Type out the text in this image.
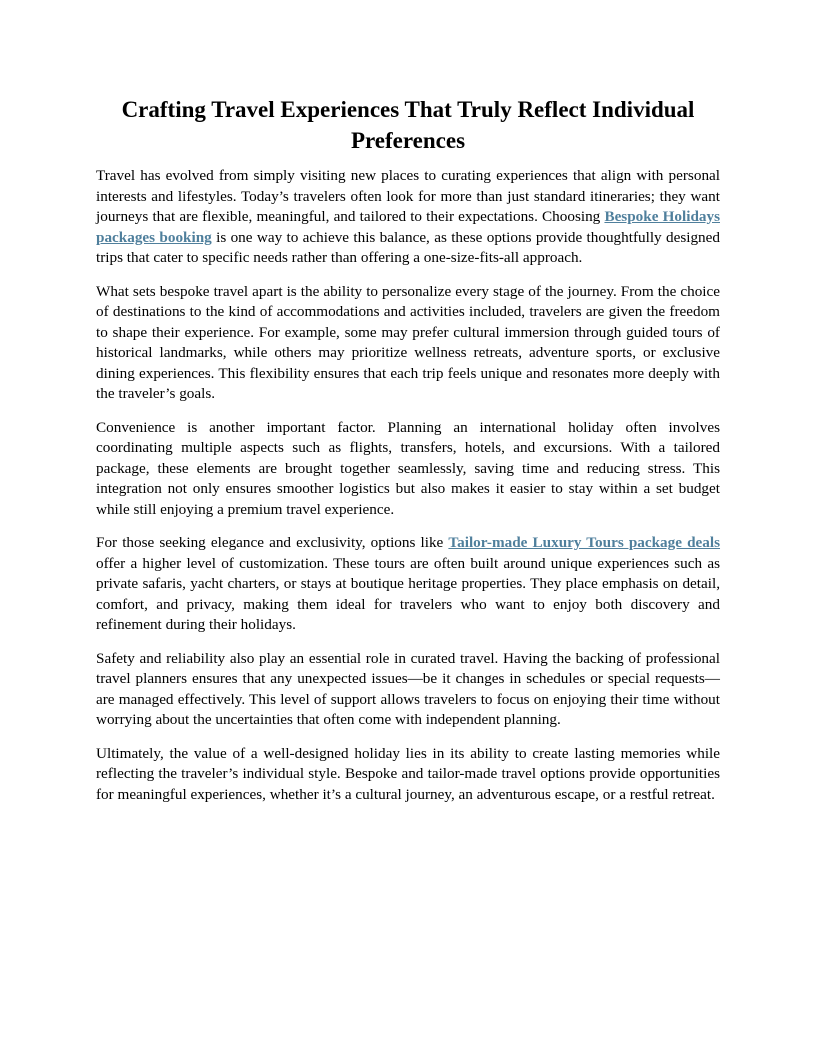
Crafting Travel Experiences That Truly Reflect Individual Preferences

Travel has evolved from simply visiting new places to curating experiences that align with personal interests and lifestyles. Today’s travelers often look for more than just standard itineraries; they want journeys that are flexible, meaningful, and tailored to their expectations. Choosing Bespoke Holidays packages booking is one way to achieve this balance, as these options provide thoughtfully designed trips that cater to specific needs rather than offering a one-size-fits-all approach.

What sets bespoke travel apart is the ability to personalize every stage of the journey. From the choice of destinations to the kind of accommodations and activities included, travelers are given the freedom to shape their experience. For example, some may prefer cultural immersion through guided tours of historical landmarks, while others may prioritize wellness retreats, adventure sports, or exclusive dining experiences. This flexibility ensures that each trip feels unique and resonates more deeply with the traveler’s goals.

Convenience is another important factor. Planning an international holiday often involves coordinating multiple aspects such as flights, transfers, hotels, and excursions. With a tailored package, these elements are brought together seamlessly, saving time and reducing stress. This integration not only ensures smoother logistics but also makes it easier to stay within a set budget while still enjoying a premium travel experience.

For those seeking elegance and exclusivity, options like Tailor-made Luxury Tours package deals offer a higher level of customization. These tours are often built around unique experiences such as private safaris, yacht charters, or stays at boutique heritage properties. They place emphasis on detail, comfort, and privacy, making them ideal for travelers who want to enjoy both discovery and refinement during their holidays.

Safety and reliability also play an essential role in curated travel. Having the backing of professional travel planners ensures that any unexpected issues—be it changes in schedules or special requests—are managed effectively. This level of support allows travelers to focus on enjoying their time without worrying about the uncertainties that often come with independent planning.

Ultimately, the value of a well-designed holiday lies in its ability to create lasting memories while reflecting the traveler’s individual style. Bespoke and tailor-made travel options provide opportunities for meaningful experiences, whether it’s a cultural journey, an adventurous escape, or a restful retreat.
